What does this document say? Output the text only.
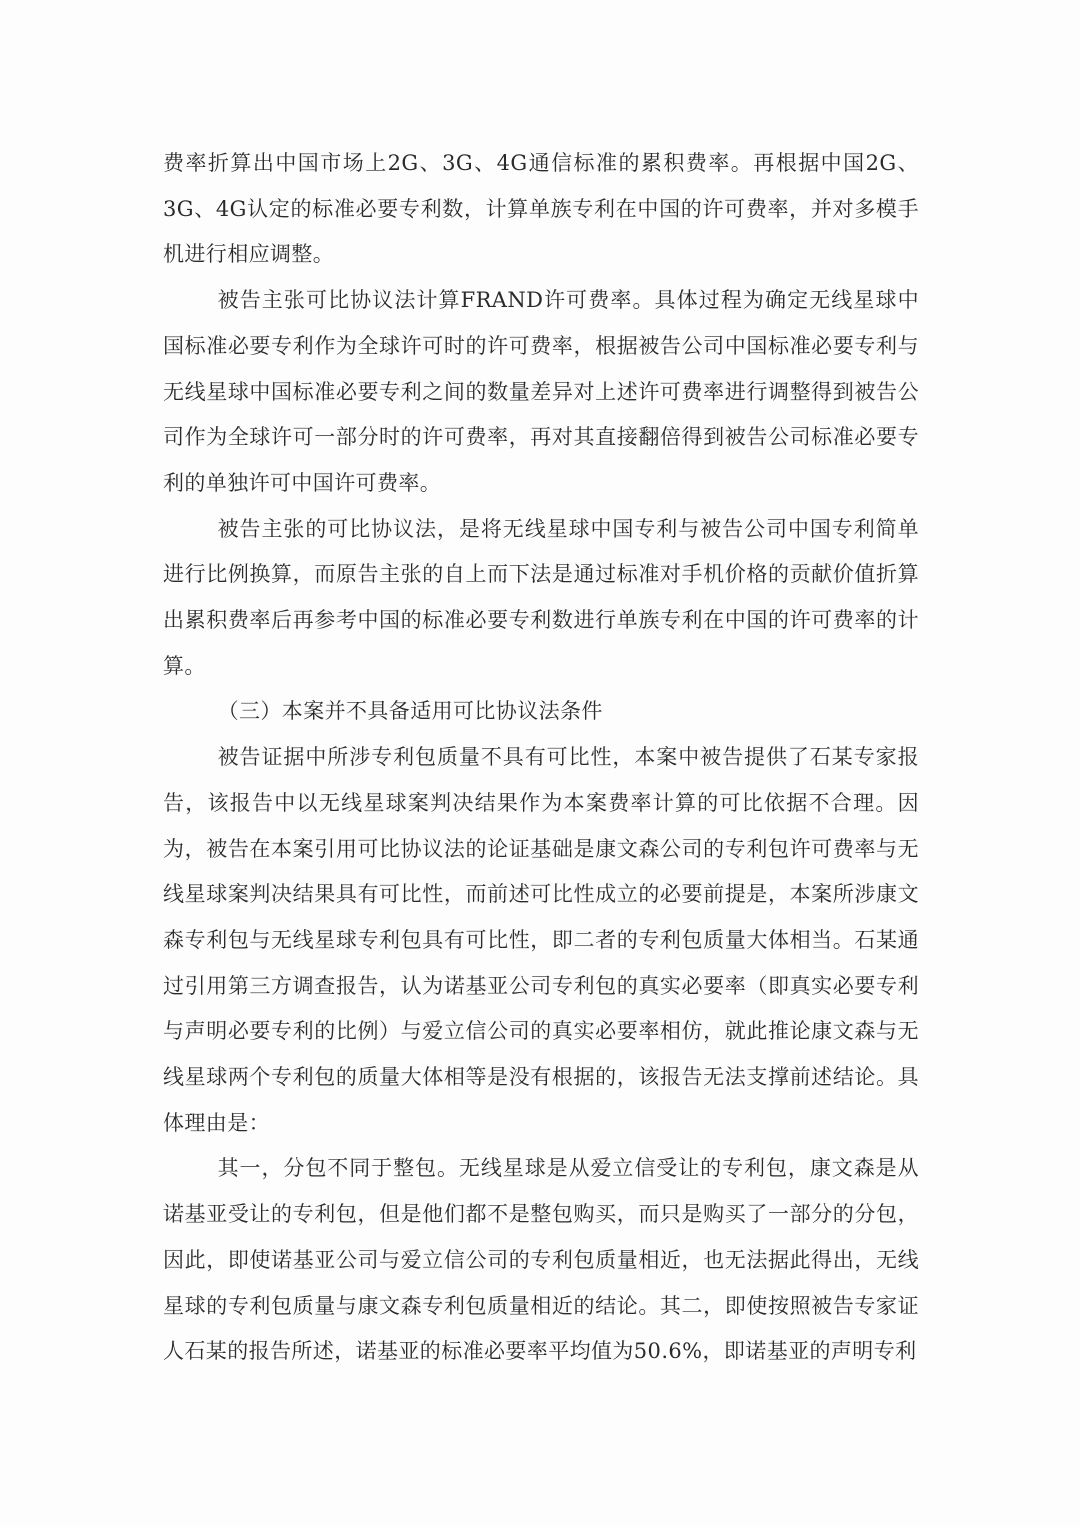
费率折算出中国市场上2G、3G、4G通信标准的累积费率。再根据中国2G、3G、4G认定的标准必要专利数，计算单族专利在中国的许可费率，并对多模手机进行相应调整。

被告主张可比协议法计算FRAND许可费率。具体过程为确定无线星球中国标准必要专利作为全球许可时的许可费率，根据被告公司中国标准必要专利与无线星球中国标准必要专利之间的数量差异对上述许可费率进行调整得到被告公司作为全球许可一部分时的许可费率，再对其直接翻倍得到被告公司标准必要专利的单独许可中国许可费率。

被告主张的可比协议法，是将无线星球中国专利与被告公司中国专利简单进行比例换算，而原告主张的自上而下法是通过标准对手机价格的贡献价值折算出累积费率后再参考中国的标准必要专利数进行单族专利在中国的许可费率的计算。

（三）本案并不具备适用可比协议法条件

被告证据中所涉专利包质量不具有可比性，本案中被告提供了石某专家报告，该报告中以无线星球案判决结果作为本案费率计算的可比依据不合理。因为，被告在本案引用可比协议法的论证基础是康文森公司的专利包许可费率与无线星球案判决结果具有可比性，而前述可比性成立的必要前提是，本案所涉康文森专利包与无线星球专利包具有可比性，即二者的专利包质量大体相当。石某通过引用第三方调查报告，认为诺基亚公司专利包的真实必要率（即真实必要专利与声明必要专利的比例）与爱立信公司的真实必要率相仿，就此推论康文森与无线星球两个专利包的质量大体相等是没有根据的，该报告无法支撑前述结论。具体理由是：

其一，分包不同于整包。无线星球是从爱立信受让的专利包，康文森是从诺基亚受让的专利包，但是他们都不是整包购买，而只是购买了一部分的分包，因此，即使诺基亚公司与爱立信公司的专利包质量相近，也无法据此得出，无线星球的专利包质量与康文森专利包质量相近的结论。其二，即使按照被告专家证人石某的报告所述，诺基亚的标准必要率平均值为50.6%，即诺基亚的声明专利
